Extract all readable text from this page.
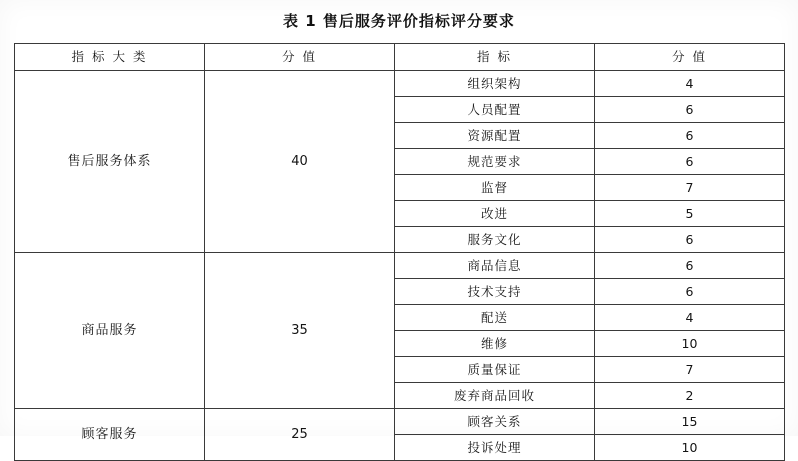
表 1 售后服务评价指标评分要求
指 标 大 类	分 值	指 标	分 值
售后服务体系	40	组织架构	4
		人员配置	6
		资源配置	6
		规范要求	6
		监督	7
		改进	5
		服务文化	6
商品服务	35	商品信息	6
		技术支持	6
		配送	4
		维修	10
		质量保证	7
		废弃商品回收	2
顾客服务	25	顾客关系	15
		投诉处理	10
